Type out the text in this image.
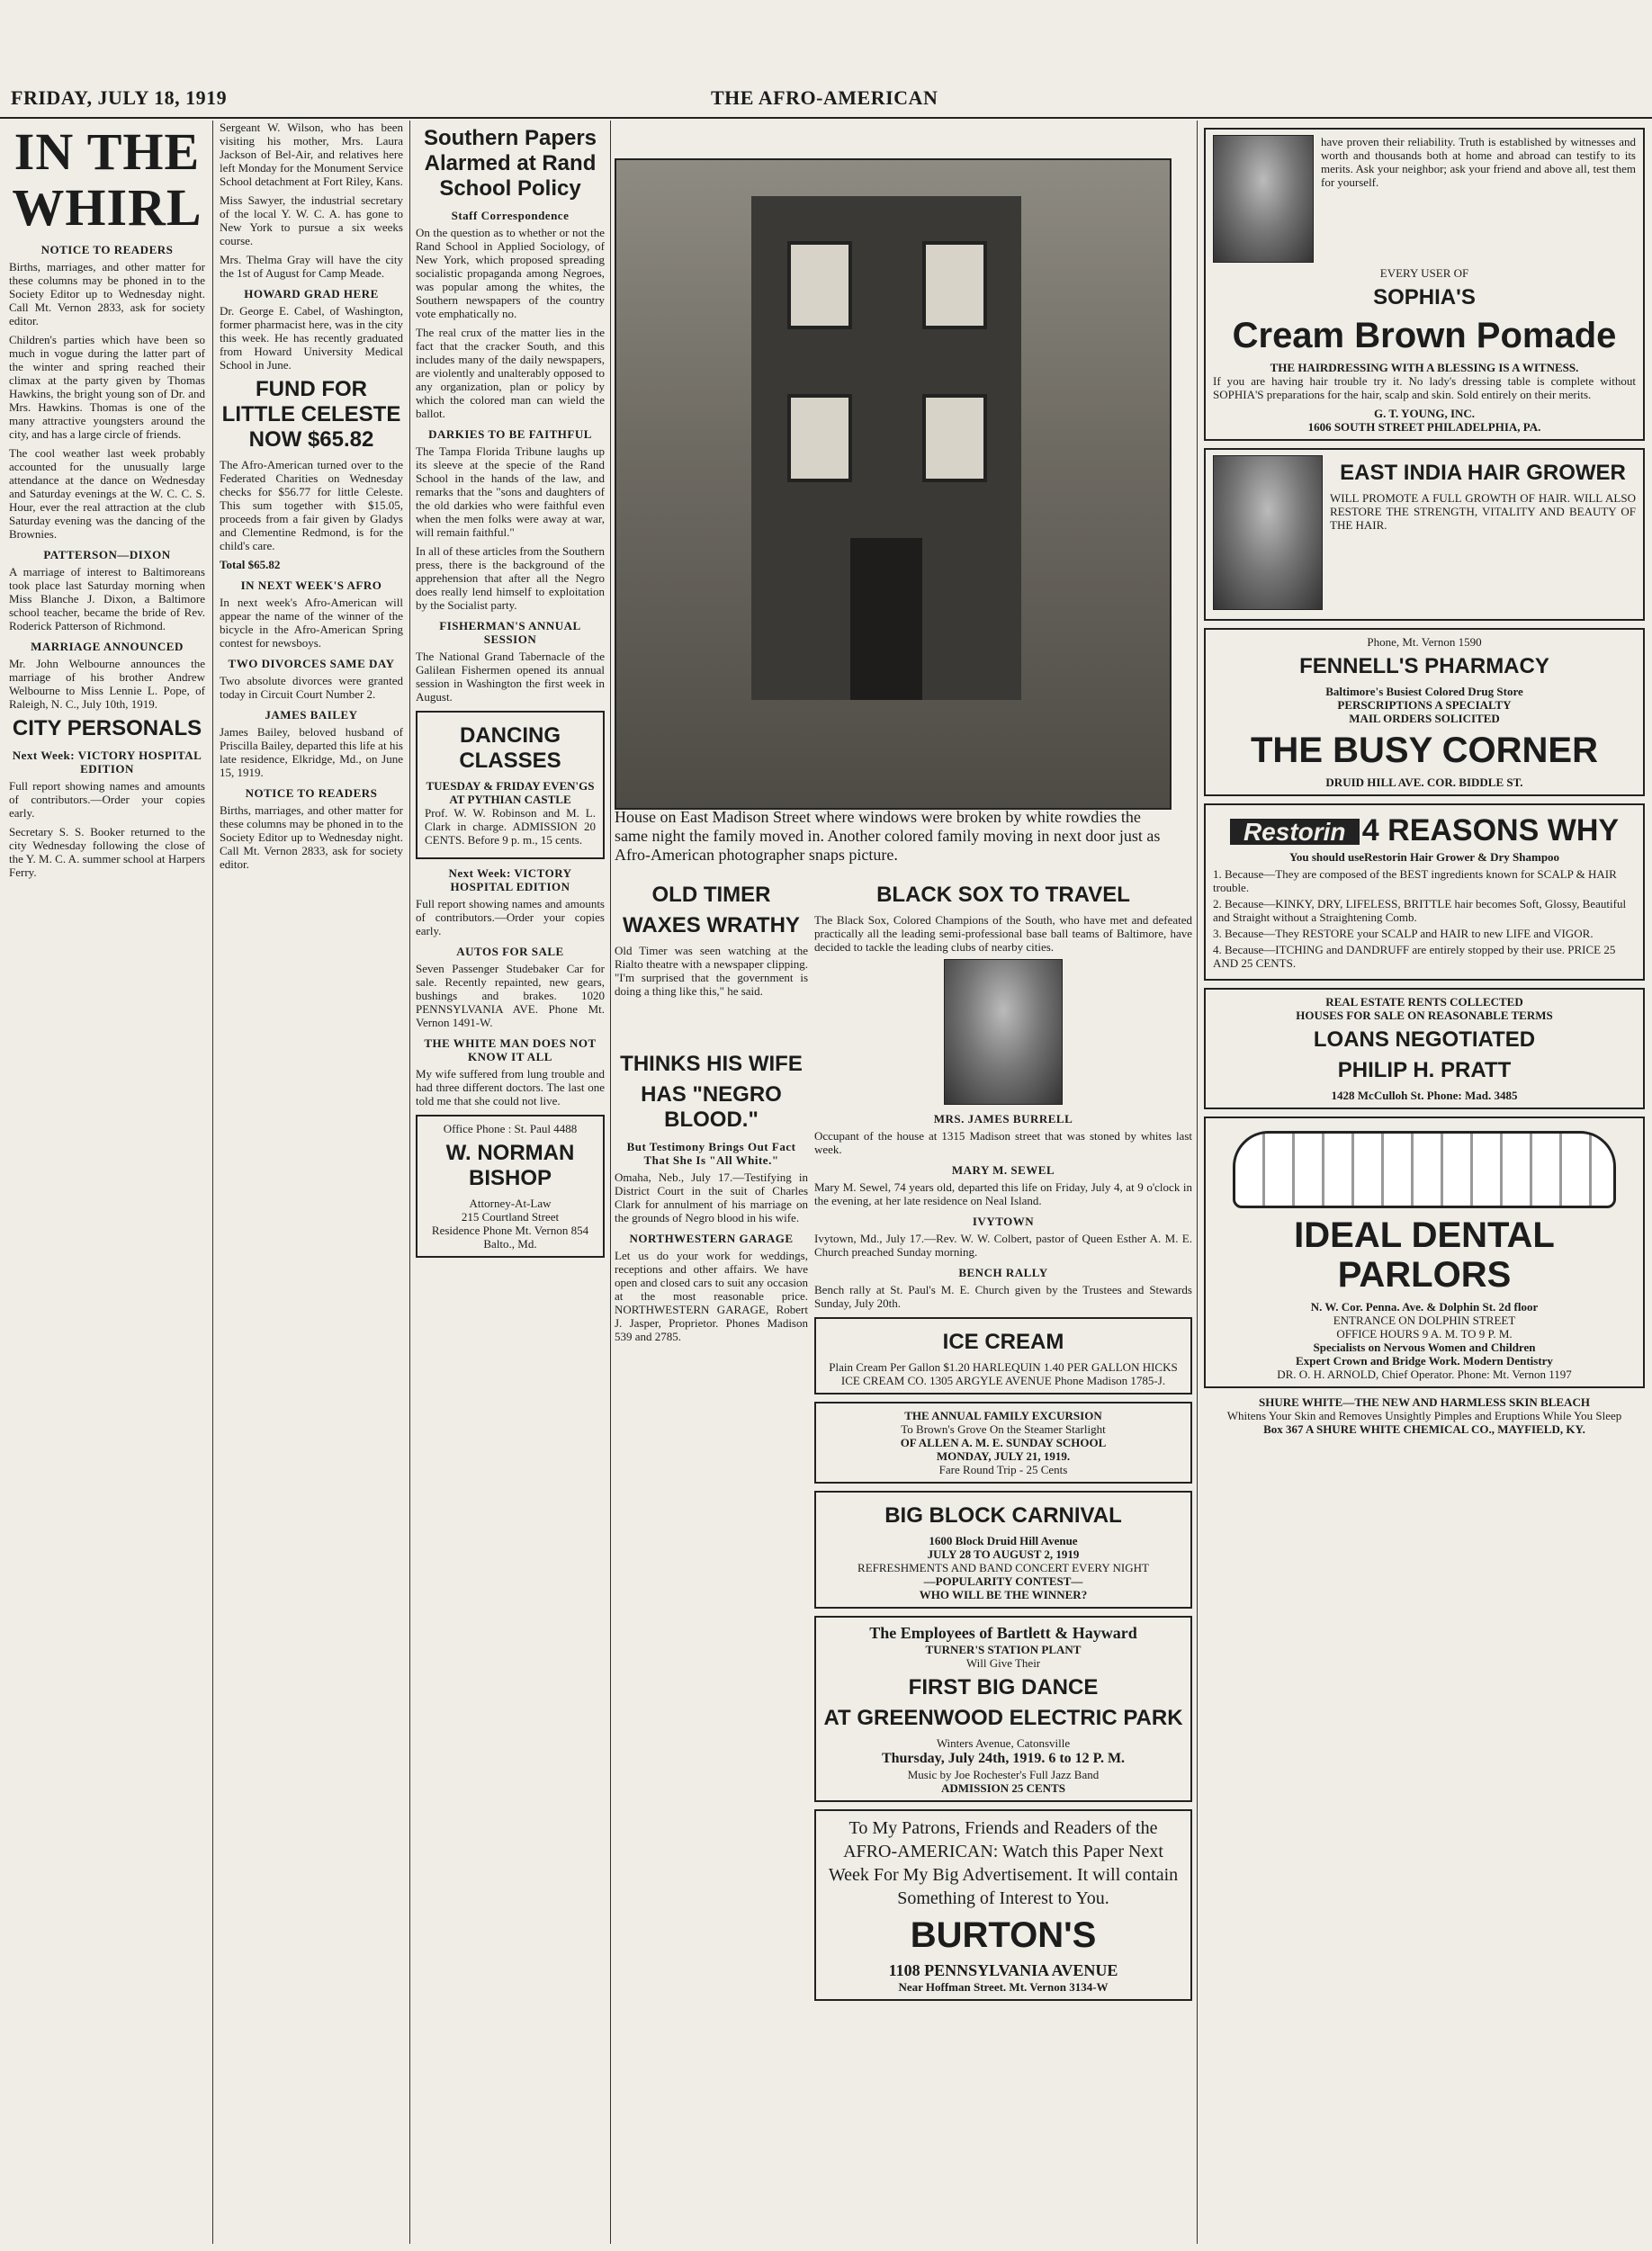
FRIDAY, JULY 18, 1919	THE AFRO-AMERICAN
IN THE WHIRL
NOTICE TO READERS

Births, marriages, and other matter for these columns may be phoned in to the Society Editor up to Wednesday night. Call Mt. Vernon 2833, ask for society editor.

Children's parties which have been so much in vogue during the latter part of the winter and spring reached their climax at the party given by Thomas Hawkins, the bright young son of Dr. and Mrs. Hawkins. Thomas is one of the many attractive youngsters around the city, and has a large circle of friends.

The cool weather last week probably accounted for the unusually large attendance at the dance on Wednesday and Saturday evenings at the W. C. C. S. Hour, ever the real attraction at the club Saturday evening was the dancing of the Brownies.

PATTERSON—DIXON

A marriage of interest to Baltimoreans took place last Saturday morning when Miss Blanche J. Dixon, a Baltimore school teacher, became the bride of Rev. Roderick Patterson of Richmond.

MARRIAGE ANNOUNCED

Mr. John Welbourne announces the marriage of his brother Andrew Welbourne to Miss Lennie L. Pope, of Raleigh, N. C., July 10th, 1919.

CITY PERSONALS
Next Week: VICTORY HOSPITAL EDITION

Full report showing names and amounts of contributors.—Order your copies early.

Secretary S. S. Booker returned to the city Wednesday following the close of the Y. M. C. A. summer school at Harpers Ferry.

Sergeant W. Wilson, who has been visiting his mother, Mrs. Laura Jackson of Bel-Air, and relatives here left Monday for the Monument Service School detachment at Fort Riley, Kans.

Miss Sawyer, the industrial secretary of the local Y. W. C. A. has gone to New York to pursue a six weeks course.

Mrs. Thelma Gray will have the city the 1st of August for Camp Meade.

HOWARD GRAD HERE

Dr. George E. Cabel, of Washington, former pharmacist here, was in the city this week. He has recently graduated from Howard University Medical School in June.

FUND FOR LITTLE CELESTE NOW $65.82

The Afro-American turned over to the Federated Charities on Wednesday checks for $56.77 for little Celeste. This sum together with $15.05, proceeds from a fair given by Gladys and Clementine Redmond, is for the child's care.

Total $65.82

IN NEXT WEEK'S AFRO

In next week's Afro-American will appear the name of the winner of the bicycle in the Afro-American Spring contest for newsboys.

TWO DIVORCES SAME DAY

Two absolute divorces were granted today in Circuit Court Number 2.

JAMES BAILEY

James Bailey, beloved husband of Priscilla Bailey, departed this life at his late residence, Elkridge, Md., on June 15, 1919.

NOTICE TO READERS

Births, marriages, and other matter for these columns may be phoned in to the Society Editor up to Wednesday night. Call Mt. Vernon 2833, ask for society editor.

Southern Papers Alarmed at Rand School Policy
Staff Correspondence

On the question as to whether or not the Rand School in Applied Sociology, of New York, which proposed spreading socialistic propaganda among Negroes, was popular among the whites, the Southern newspapers of the country vote emphatically no.

The real crux of the matter lies in the fact that the cracker South, and this includes many of the daily newspapers, are violently and unalterably opposed to any organization, plan or policy by which the colored man can wield the ballot.

DARKIES TO BE FAITHFUL

The Tampa Florida Tribune laughs up its sleeve at the specie of the Rand School in the hands of the law, and remarks that the "sons and daughters of the old darkies who were faithful even when the men folks were away at war, will remain faithful."

In all of these articles from the Southern press, there is the background of the apprehension that after all the Negro does really lend himself to exploitation by the Socialist party.

FISHERMAN'S ANNUAL SESSION

The National Grand Tabernacle of the Galilean Fishermen opened its annual session in Washington the first week in August.

DANCING CLASSES
TUESDAY & FRIDAY EVEN'GS AT PYTHIAN CASTLE

Prof. W. W. Robinson and M. L. Clark in charge. ADMISSION 20 CENTS. Before 9 p. m., 15 cents.

Next Week: VICTORY HOSPITAL EDITION

Full report showing names and amounts of contributors.—Order your copies early.

AUTOS FOR SALE

Seven Passenger Studebaker Car for sale. Recently repainted, new gears, bushings and brakes. 1020 PENNSYLVANIA AVE. Phone Mt. Vernon 1491-W.

THE WHITE MAN DOES NOT KNOW IT ALL

My wife suffered from lung trouble and had three different doctors. The last one told me that she could not live.

Office Phone : St. Paul 4488
W. NORMAN BISHOP
Attorney-At-Law
215 Courtland Street
Residence Phone Mt. Vernon 854 Balto., Md.
House on East Madison Street where windows were broken by white rowdies the same night the family moved in. Another colored family moving in next door just as Afro-American photographer snaps picture.
OLD TIMER
WAXES WRATHY

Old Timer was seen watching at the Rialto theatre with a newspaper clipping. "I'm surprised that the government is doing a thing like this," he said.

THINKS HIS WIFE
HAS "NEGRO BLOOD."
But Testimony Brings Out Fact That She Is "All White."

Omaha, Neb., July 17.—Testifying in District Court in the suit of Charles Clark for annulment of his marriage on the grounds of Negro blood in his wife.

NORTHWESTERN GARAGE

Let us do your work for weddings, receptions and other affairs. We have open and closed cars to suit any occasion at the most reasonable price. NORTHWESTERN GARAGE, Robert J. Jasper, Proprietor. Phones Madison 539 and 2785.

BLACK SOX TO TRAVEL

The Black Sox, Colored Champions of the South, who have met and defeated practically all the leading semi-professional base ball teams of Baltimore, have decided to tackle the leading clubs of nearby cities.

MRS. JAMES BURRELL

Occupant of the house at 1315 Madison street that was stoned by whites last week.

MARY M. SEWEL

Mary M. Sewel, 74 years old, departed this life on Friday, July 4, at 9 o'clock in the evening, at her late residence on Neal Island.

IVYTOWN

Ivytown, Md., July 17.—Rev. W. W. Colbert, pastor of Queen Esther A. M. E. Church preached Sunday morning.

BENCH RALLY

Bench rally at St. Paul's M. E. Church given by the Trustees and Stewards Sunday, July 20th.

ICE CREAM
Plain Cream Per Gallon $1.20 HARLEQUIN 1.40 PER GALLON HICKS ICE CREAM CO. 1305 ARGYLE AVENUE Phone Madison 1785-J.
THE ANNUAL FAMILY EXCURSION
To Brown's Grove On the Steamer Starlight
OF ALLEN A. M. E. SUNDAY SCHOOL
MONDAY, JULY 21, 1919.
Fare Round Trip - 25 Cents
BIG BLOCK CARNIVAL
1600 Block Druid Hill Avenue
JULY 28 TO AUGUST 2, 1919
REFRESHMENTS AND BAND CONCERT EVERY NIGHT
—POPULARITY CONTEST—
WHO WILL BE THE WINNER?
The Employees of Bartlett & Hayward
TURNER'S STATION PLANT
Will Give Their
FIRST BIG DANCE
AT GREENWOOD ELECTRIC PARK
Winters Avenue, Catonsville
Thursday, July 24th, 1919. 6 to 12 P. M.
Music by Joe Rochester's Full Jazz Band
ADMISSION 25 CENTS
To My Patrons, Friends and Readers of the AFRO-AMERICAN: Watch this Paper Next Week For My Big Advertisement. It will contain Something of Interest to You.
BURTON'S
1108 PENNSYLVANIA AVENUE
Near Hoffman Street. Mt. Vernon 3134-W

have proven their reliability. Truth is established by witnesses and worth and thousands both at home and abroad can testify to its merits. Ask your neighbor; ask your friend and above all, test them for yourself.

EVERY USER OF
SOPHIA'S
Cream Brown Pomade
THE HAIRDRESSING WITH A BLESSING IS A WITNESS.

If you are having hair trouble try it. No lady's dressing table is complete without SOPHIA'S preparations for the hair, scalp and skin. Sold entirely on their merits.

G. T. YOUNG, INC.
1606 SOUTH STREET PHILADELPHIA, PA.
EAST INDIA HAIR GROWER

WILL PROMOTE A FULL GROWTH OF HAIR. WILL ALSO RESTORE THE STRENGTH, VITALITY AND BEAUTY OF THE HAIR.

Phone, Mt. Vernon 1590
FENNELL'S PHARMACY
Baltimore's Busiest Colored Drug Store
PERSCRIPTIONS A SPECIALTY
MAIL ORDERS SOLICITED
THE BUSY CORNER
DRUID HILL AVE. COR. BIDDLE ST.
Restorin 4 REASONS WHY
You should useRestorin Hair Grower & Dry Shampoo
1. Because—They are composed of the BEST ingredients known for SCALP & HAIR trouble.
2. Because—KINKY, DRY, LIFELESS, BRITTLE hair becomes Soft, Glossy, Beautiful and Straight without a Straightening Comb.
3. Because—They RESTORE your SCALP and HAIR to new LIFE and VIGOR.
4. Because—ITCHING and DANDRUFF are entirely stopped by their use. PRICE 25 AND 25 CENTS.
REAL ESTATE RENTS COLLECTED
HOUSES FOR SALE ON REASONABLE TERMS
LOANS NEGOTIATED
PHILIP H. PRATT
1428 McCulloh St. Phone: Mad. 3485
IDEAL DENTAL PARLORS
N. W. Cor. Penna. Ave. & Dolphin St. 2d floor
ENTRANCE ON DOLPHIN STREET
OFFICE HOURS 9 A. M. TO 9 P. M.
Specialists on Nervous Women and Children
Expert Crown and Bridge Work. Modern Dentistry
DR. O. H. ARNOLD, Chief Operator. Phone: Mt. Vernon 1197
SHURE WHITE—THE NEW AND HARMLESS SKIN BLEACH
Whitens Your Skin and Removes Unsightly Pimples and Eruptions While You Sleep
Box 367 A SHURE WHITE CHEMICAL CO., MAYFIELD, KY.
